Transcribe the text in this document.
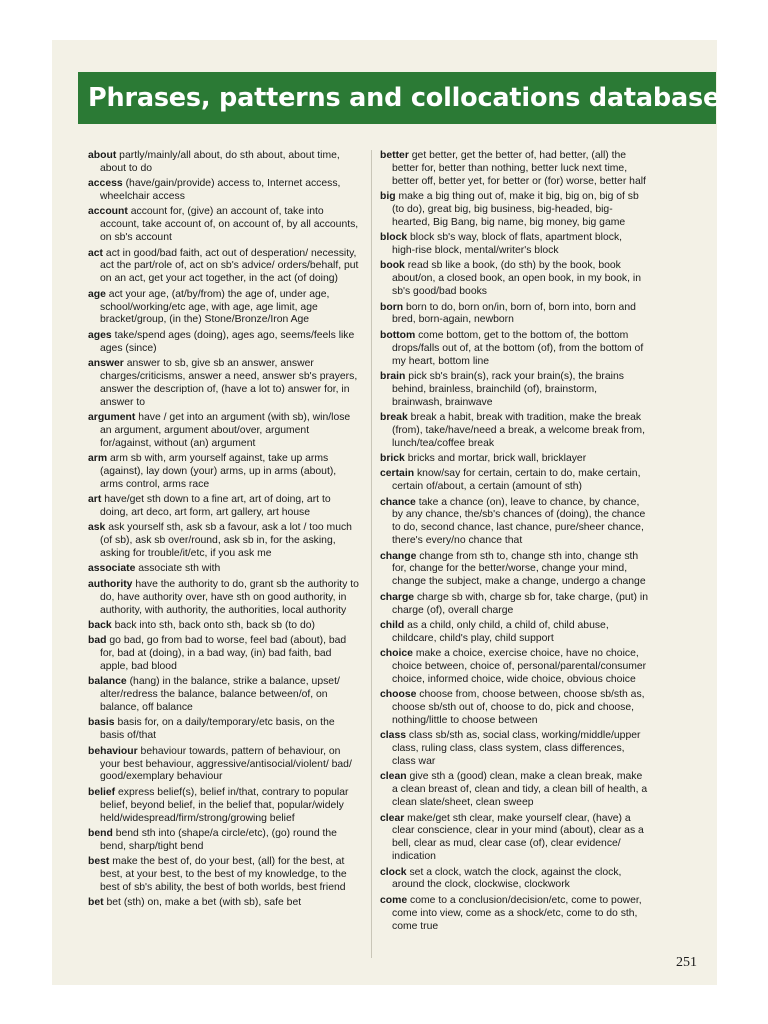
Phrases, patterns and collocations database
about partly/mainly/all about, do sth about, about time, about to do
access (have/gain/provide) access to, Internet access, wheelchair access
account account for, (give) an account of, take into account, take account of, on account of, by all accounts, on sb's account
act act in good/bad faith, act out of desperation/ necessity, act the part/role of, act on sb's advice/ orders/behalf, put on an act, get your act together, in the act (of doing)
age act your age, (at/by/from) the age of, under age, school/working/etc age, with age, age limit, age bracket/group, (in the) Stone/Bronze/Iron Age
ages take/spend ages (doing), ages ago, seems/feels like ages (since)
answer answer to sb, give sb an answer, answer charges/criticisms, answer a need, answer sb's prayers, answer the description of, (have a lot to) answer for, in answer to
argument have / get into an argument (with sb), win/lose an argument, argument about/over, argument for/against, without (an) argument
arm arm sb with, arm yourself against, take up arms (against), lay down (your) arms, up in arms (about), arms control, arms race
art have/get sth down to a fine art, art of doing, art to doing, art deco, art form, art gallery, art house
ask ask yourself sth, ask sb a favour, ask a lot / too much (of sb), ask sb over/round, ask sb in, for the asking, asking for trouble/it/etc, if you ask me
associate associate sth with
authority have the authority to do, grant sb the authority to do, have authority over, have sth on good authority, in authority, with authority, the authorities, local authority
back back into sth, back onto sth, back sb (to do)
bad go bad, go from bad to worse, feel bad (about), bad for, bad at (doing), in a bad way, (in) bad faith, bad apple, bad blood
balance (hang) in the balance, strike a balance, upset/ alter/redress the balance, balance between/of, on balance, off balance
basis basis for, on a daily/temporary/etc basis, on the basis of/that
behaviour behaviour towards, pattern of behaviour, on your best behaviour, aggressive/antisocial/violent/ bad/ good/exemplary behaviour
belief express belief(s), belief in/that, contrary to popular belief, beyond belief, in the belief that, popular/widely held/widespread/firm/strong/growing belief
bend bend sth into (shape/a circle/etc), (go) round the bend, sharp/tight bend
best make the best of, do your best, (all) for the best, at best, at your best, to the best of my knowledge, to the best of sb's ability, the best of both worlds, best friend
bet bet (sth) on, make a bet (with sb), safe bet
better get better, get the better of, had better, (all) the better for, better than nothing, better luck next time, better off, better yet, for better or (for) worse, better half
big make a big thing out of, make it big, big on, big of sb (to do), great big, big business, big-headed, big-hearted, Big Bang, big name, big money, big game
block block sb's way, block of flats, apartment block, high-rise block, mental/writer's block
book read sb like a book, (do sth) by the book, book about/on, a closed book, an open book, in my book, in sb's good/bad books
born born to do, born on/in, born of, born into, born and bred, born-again, newborn
bottom come bottom, get to the bottom of, the bottom drops/falls out of, at the bottom (of), from the bottom of my heart, bottom line
brain pick sb's brain(s), rack your brain(s), the brains behind, brainless, brainchild (of), brainstorm, brainwash, brainwave
break break a habit, break with tradition, make the break (from), take/have/need a break, a welcome break from, lunch/tea/coffee break
brick bricks and mortar, brick wall, bricklayer
certain know/say for certain, certain to do, make certain, certain of/about, a certain (amount of sth)
chance take a chance (on), leave to chance, by chance, by any chance, the/sb's chances of (doing), the chance to do, second chance, last chance, pure/sheer chance, there's every/no chance that
change change from sth to, change sth into, change sth for, change for the better/worse, change your mind, change the subject, make a change, undergo a change
charge charge sb with, charge sb for, take charge, (put) in charge (of), overall charge
child as a child, only child, a child of, child abuse, childcare, child's play, child support
choice make a choice, exercise choice, have no choice, choice between, choice of, personal/parental/consumer choice, informed choice, wide choice, obvious choice
choose choose from, choose between, choose sb/sth as, choose sb/sth out of, choose to do, pick and choose, nothing/little to choose between
class class sb/sth as, social class, working/middle/upper class, ruling class, class system, class differences, class war
clean give sth a (good) clean, make a clean break, make a clean breast of, clean and tidy, a clean bill of health, a clean slate/sheet, clean sweep
clear make/get sth clear, make yourself clear, (have) a clear conscience, clear in your mind (about), clear as a bell, clear as mud, clear case (of), clear evidence/ indication
clock set a clock, watch the clock, against the clock, around the clock, clockwise, clockwork
come come to a conclusion/decision/etc, come to power, come into view, come as a shock/etc, come to do sth, come true
251
